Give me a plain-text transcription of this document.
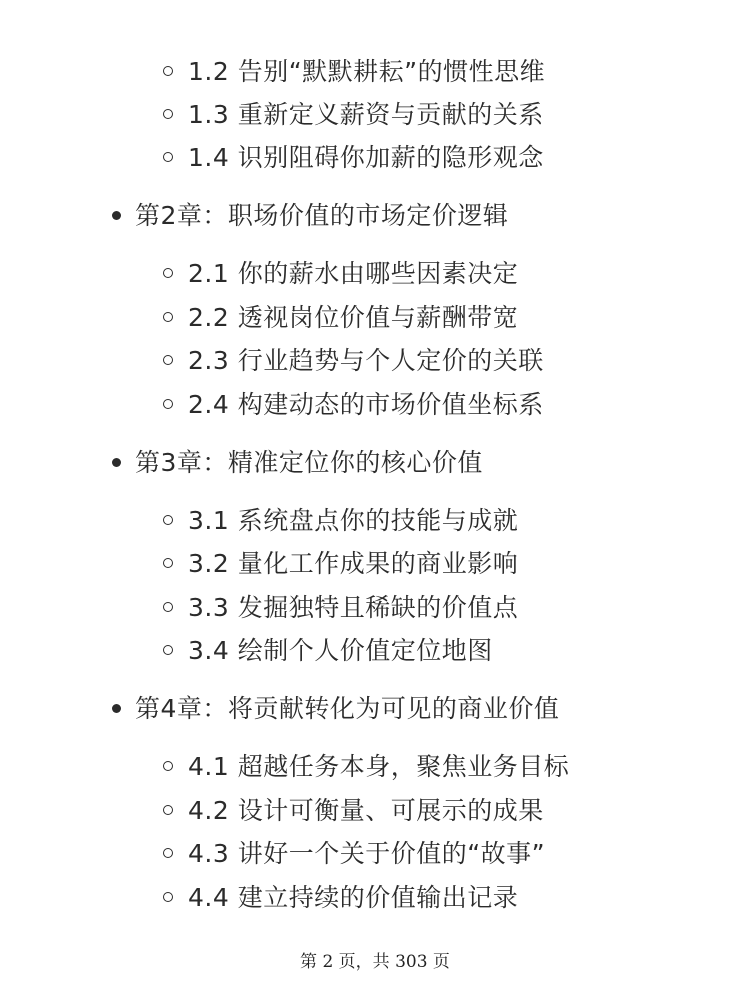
1.2 告别“默默耕耘”的惯性思维
1.3 重新定义薪资与贡献的关系
1.4 识别阻碍你加薪的隐形观念
第2章：职场价值的市场定价逻辑
2.1 你的薪水由哪些因素决定
2.2 透视岗位价值与薪酬带宽
2.3 行业趋势与个人定价的关联
2.4 构建动态的市场价值坐标系
第3章：精准定位你的核心价值
3.1 系统盘点你的技能与成就
3.2 量化工作成果的商业影响
3.3 发掘独特且稀缺的价值点
3.4 绘制个人价值定位地图
第4章：将贡献转化为可见的商业价值
4.1 超越任务本身，聚焦业务目标
4.2 设计可衡量、可展示的成果
4.3 讲好一个关于价值的“故事”
4.4 建立持续的价值输出记录
第 2 页，共 303 页
